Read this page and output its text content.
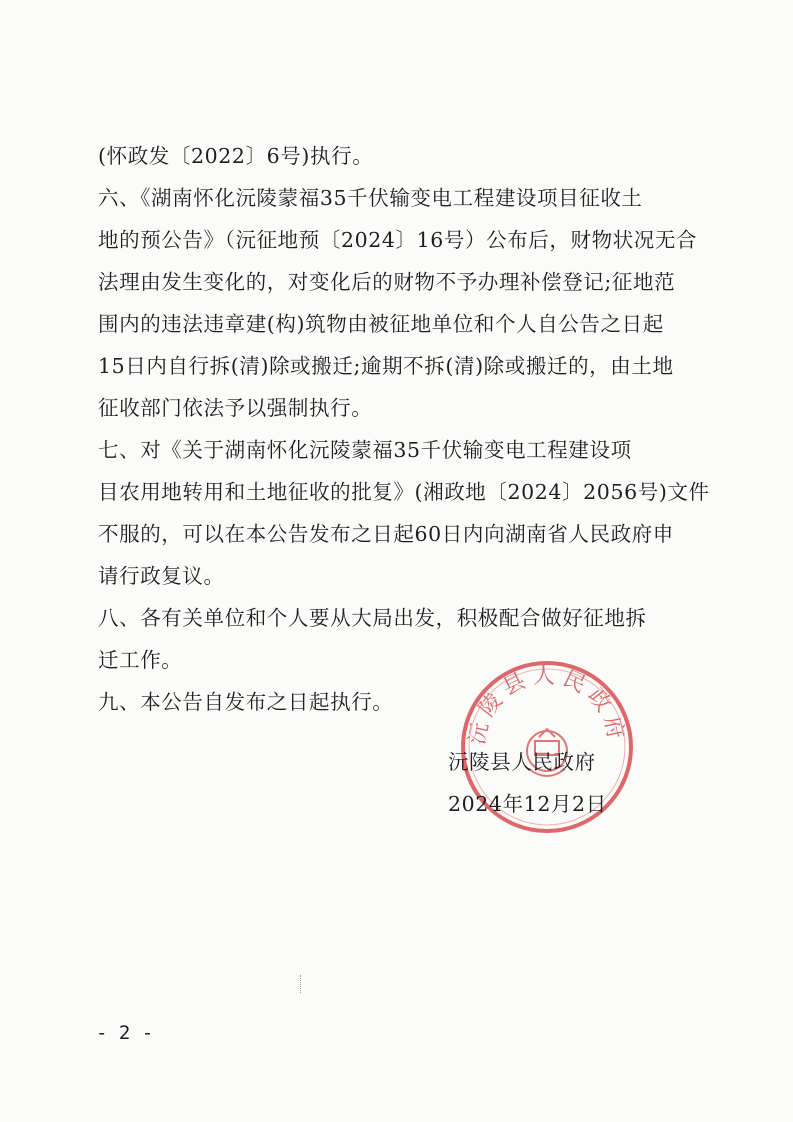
(怀政发〔2022〕6号)执行。
六、《湖南怀化沅陵蒙福35千伏输变电工程建设项目征收土
地的预公告》（沅征地预〔2024〕16号）公布后，财物状况无合
法理由发生变化的，对变化后的财物不予办理补偿登记;征地范
围内的违法违章建(构)筑物由被征地单位和个人自公告之日起
15日内自行拆(清)除或搬迁;逾期不拆(清)除或搬迁的，由土地
征收部门依法予以强制执行。
七、对《关于湖南怀化沅陵蒙福35千伏输变电工程建设项
目农用地转用和土地征收的批复》(湘政地〔2024〕2056号)文件
不服的，可以在本公告发布之日起60日内向湖南省人民政府申
请行政复议。
八、各有关单位和个人要从大局出发，积极配合做好征地拆
迁工作。
九、本公告自发布之日起执行。
沅陵县人民政府
沅陵县人民政府
2024年12月2日
- 2 -
